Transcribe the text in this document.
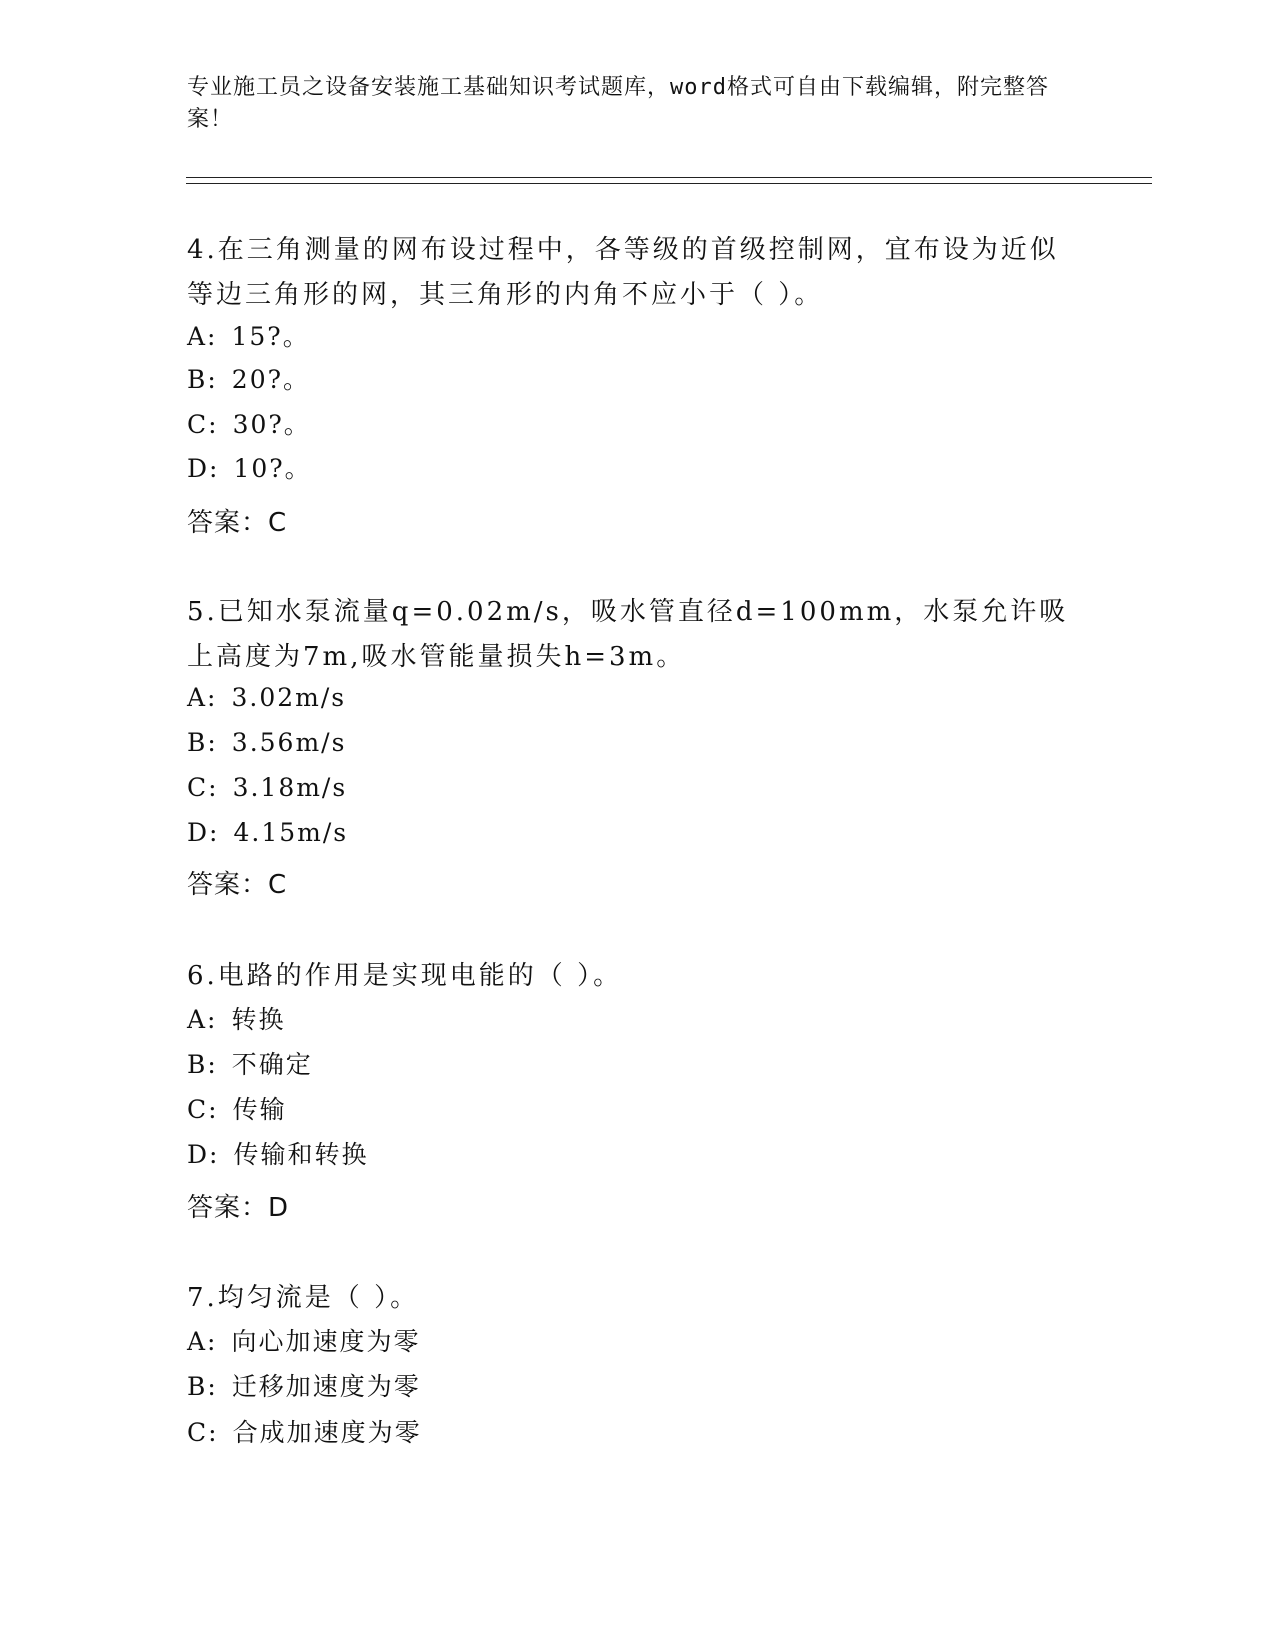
专业施工员之设备安装施工基础知识考试题库，word格式可自由下载编辑，附完整答案！
4.在三角测量的网布设过程中，各等级的首级控制网，宜布设为近似等边三角形的网，其三角形的内角不应小于（ ）。
A: 15?。
B: 20?。
C: 30?。
D: 10?。
答案：C
5.已知水泵流量q=0.02m/s，吸水管直径d=100mm，水泵允许吸上高度为7m,吸水管能量损失h=3m。
A: 3.02m/s
B: 3.56m/s
C: 3.18m/s
D: 4.15m/s
答案：C
6.电路的作用是实现电能的（ ）。
A: 转换
B: 不确定
C: 传输
D: 传输和转换
答案：D
7.均匀流是（ ）。
A: 向心加速度为零
B: 迁移加速度为零
C: 合成加速度为零
